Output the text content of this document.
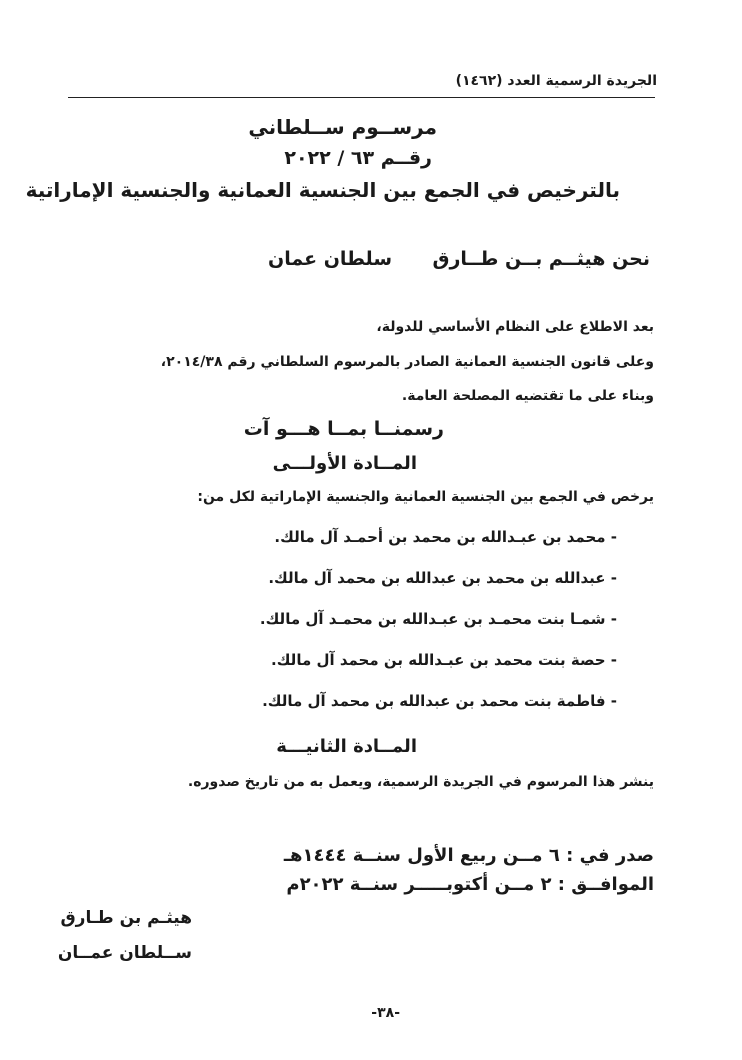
الجريدة الرسمية العدد (١٤٦٢)
مرســوم ســلطاني
رقــم ٦٣ / ٢٠٢٢
بالترخيص في الجمع بين الجنسية العمانية والجنسية الإماراتية
نحن هيثــم بــن طــارق
سلطان عمان
بعد الاطلاع على النظام الأساسي للدولة،
وعلى قانون الجنسية العمانية الصادر بالمرسوم السلطاني رقم ٢٠١٤/٣٨،
وبناء على ما تقتضيه المصلحة العامة.
رسمنــا بمــا هـــو آت
المــادة الأولـــى
يرخص في الجمع بين الجنسية العمانية والجنسية الإماراتية لكل من:
- محمد بن عبـدالله بن محمد بن أحمـد آل مالك.
- عبدالله بن محمد بن عبدالله بن محمد آل مالك.
- شمـا بنت محمـد بن عبـدالله بن محمـد آل مالك.
- حصة بنت محمد بن عبـدالله بن محمد آل مالك.
- فاطمة بنت محمد بن عبدالله بن محمد آل مالك.
المــادة الثانيـــة
ينشر هذا المرسوم في الجريدة الرسمية، ويعمل به من تاريخ صدوره.
صدر في : ٦ مــن ربيع الأول سنــة ١٤٤٤هـ
الموافــق : ٢ مــن أكتوبـــــر سنــة ٢٠٢٢م
هيثـم بن طـارق
ســلطان عمــان
-٣٨-
